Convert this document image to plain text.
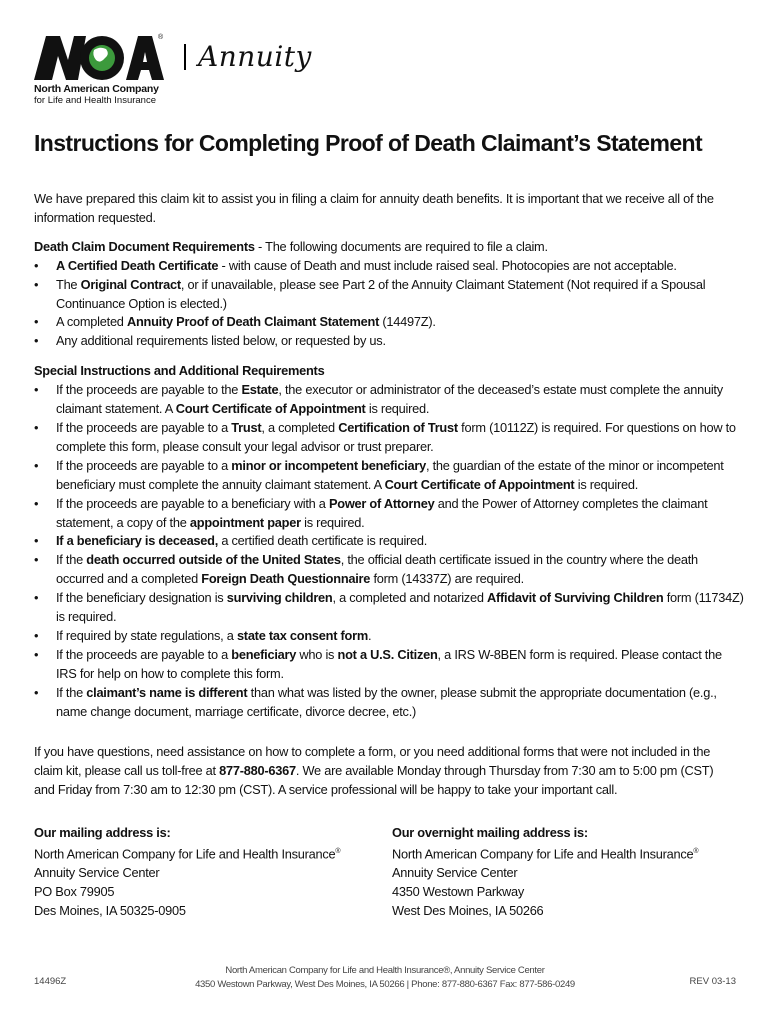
®
North American Company
for Life and Health Insurance
Annuity
Instructions for Completing Proof of Death Claimant’s Statement

We have prepared this claim kit to assist you in filing a claim for annuity death benefits. It is important that we receive all of the information requested.

Death Claim Document Requirements - The following documents are required to file a claim.

• A Certified Death Certificate - with cause of Death and must include raised seal. Photocopies are not acceptable.
• The Original Contract, or if unavailable, please see Part 2 of the Annuity Claimant Statement (Not required if a Spousal Continuance Option is elected.)
• A completed Annuity Proof of Death Claimant Statement (14497Z).
• Any additional requirements listed below, or requested by us.

Special Instructions and Additional Requirements

• If the proceeds are payable to the Estate, the executor or administrator of the deceased’s estate must complete the annuity claimant statement. A Court Certificate of Appointment is required.
• If the proceeds are payable to a Trust, a completed Certification of Trust form (10112Z) is required. For questions on how to complete this form, please consult your legal advisor or trust preparer.
• If the proceeds are payable to a minor or incompetent beneficiary, the guardian of the estate of the minor or incompetent beneficiary must complete the annuity claimant statement. A Court Certificate of Appointment is required.
• If the proceeds are payable to a beneficiary with a Power of Attorney and the Power of Attorney completes the claimant statement, a copy of the appointment paper is required.
• If a beneficiary is deceased, a certified death certificate is required.
• If the death occurred outside of the United States, the official death certificate issued in the country where the death occurred and a completed Foreign Death Questionnaire form (14337Z) are required.
• If the beneficiary designation is surviving children, a completed and notarized Affidavit of Surviving Children form (11734Z) is required.
• If required by state regulations, a state tax consent form.
• If the proceeds are payable to a beneficiary who is not a U.S. Citizen, a IRS W-8BEN form is required. Please contact the IRS for help on how to complete this form.
• If the claimant’s name is different than what was listed by the owner, please submit the appropriate documentation (e.g., name change document, marriage certificate, divorce decree, etc.)
If you have questions, need assistance on how to complete a form, or you need additional forms that were not included in the claim kit, please call us toll-free at 877-880-6367. We are available Monday through Thursday from 7:30 am to 5:00 pm (CST) and Friday from 7:30 am to 12:30 pm (CST). A service professional will be happy to take your important call.
Our mailing address is:
North American Company for Life and Health Insurance®
Annuity Service Center
PO Box 79905
Des Moines, IA 50325-0905
Our overnight mailing address is:
North American Company for Life and Health Insurance®
Annuity Service Center
4350 Westown Parkway
West Des Moines, IA 50266
14496Z
North American Company for Life and Health Insurance®, Annuity Service Center
4350 Westown Parkway, West Des Moines, IA 50266 | Phone: 877-880-6367 Fax: 877-586-0249	REV 03-13
